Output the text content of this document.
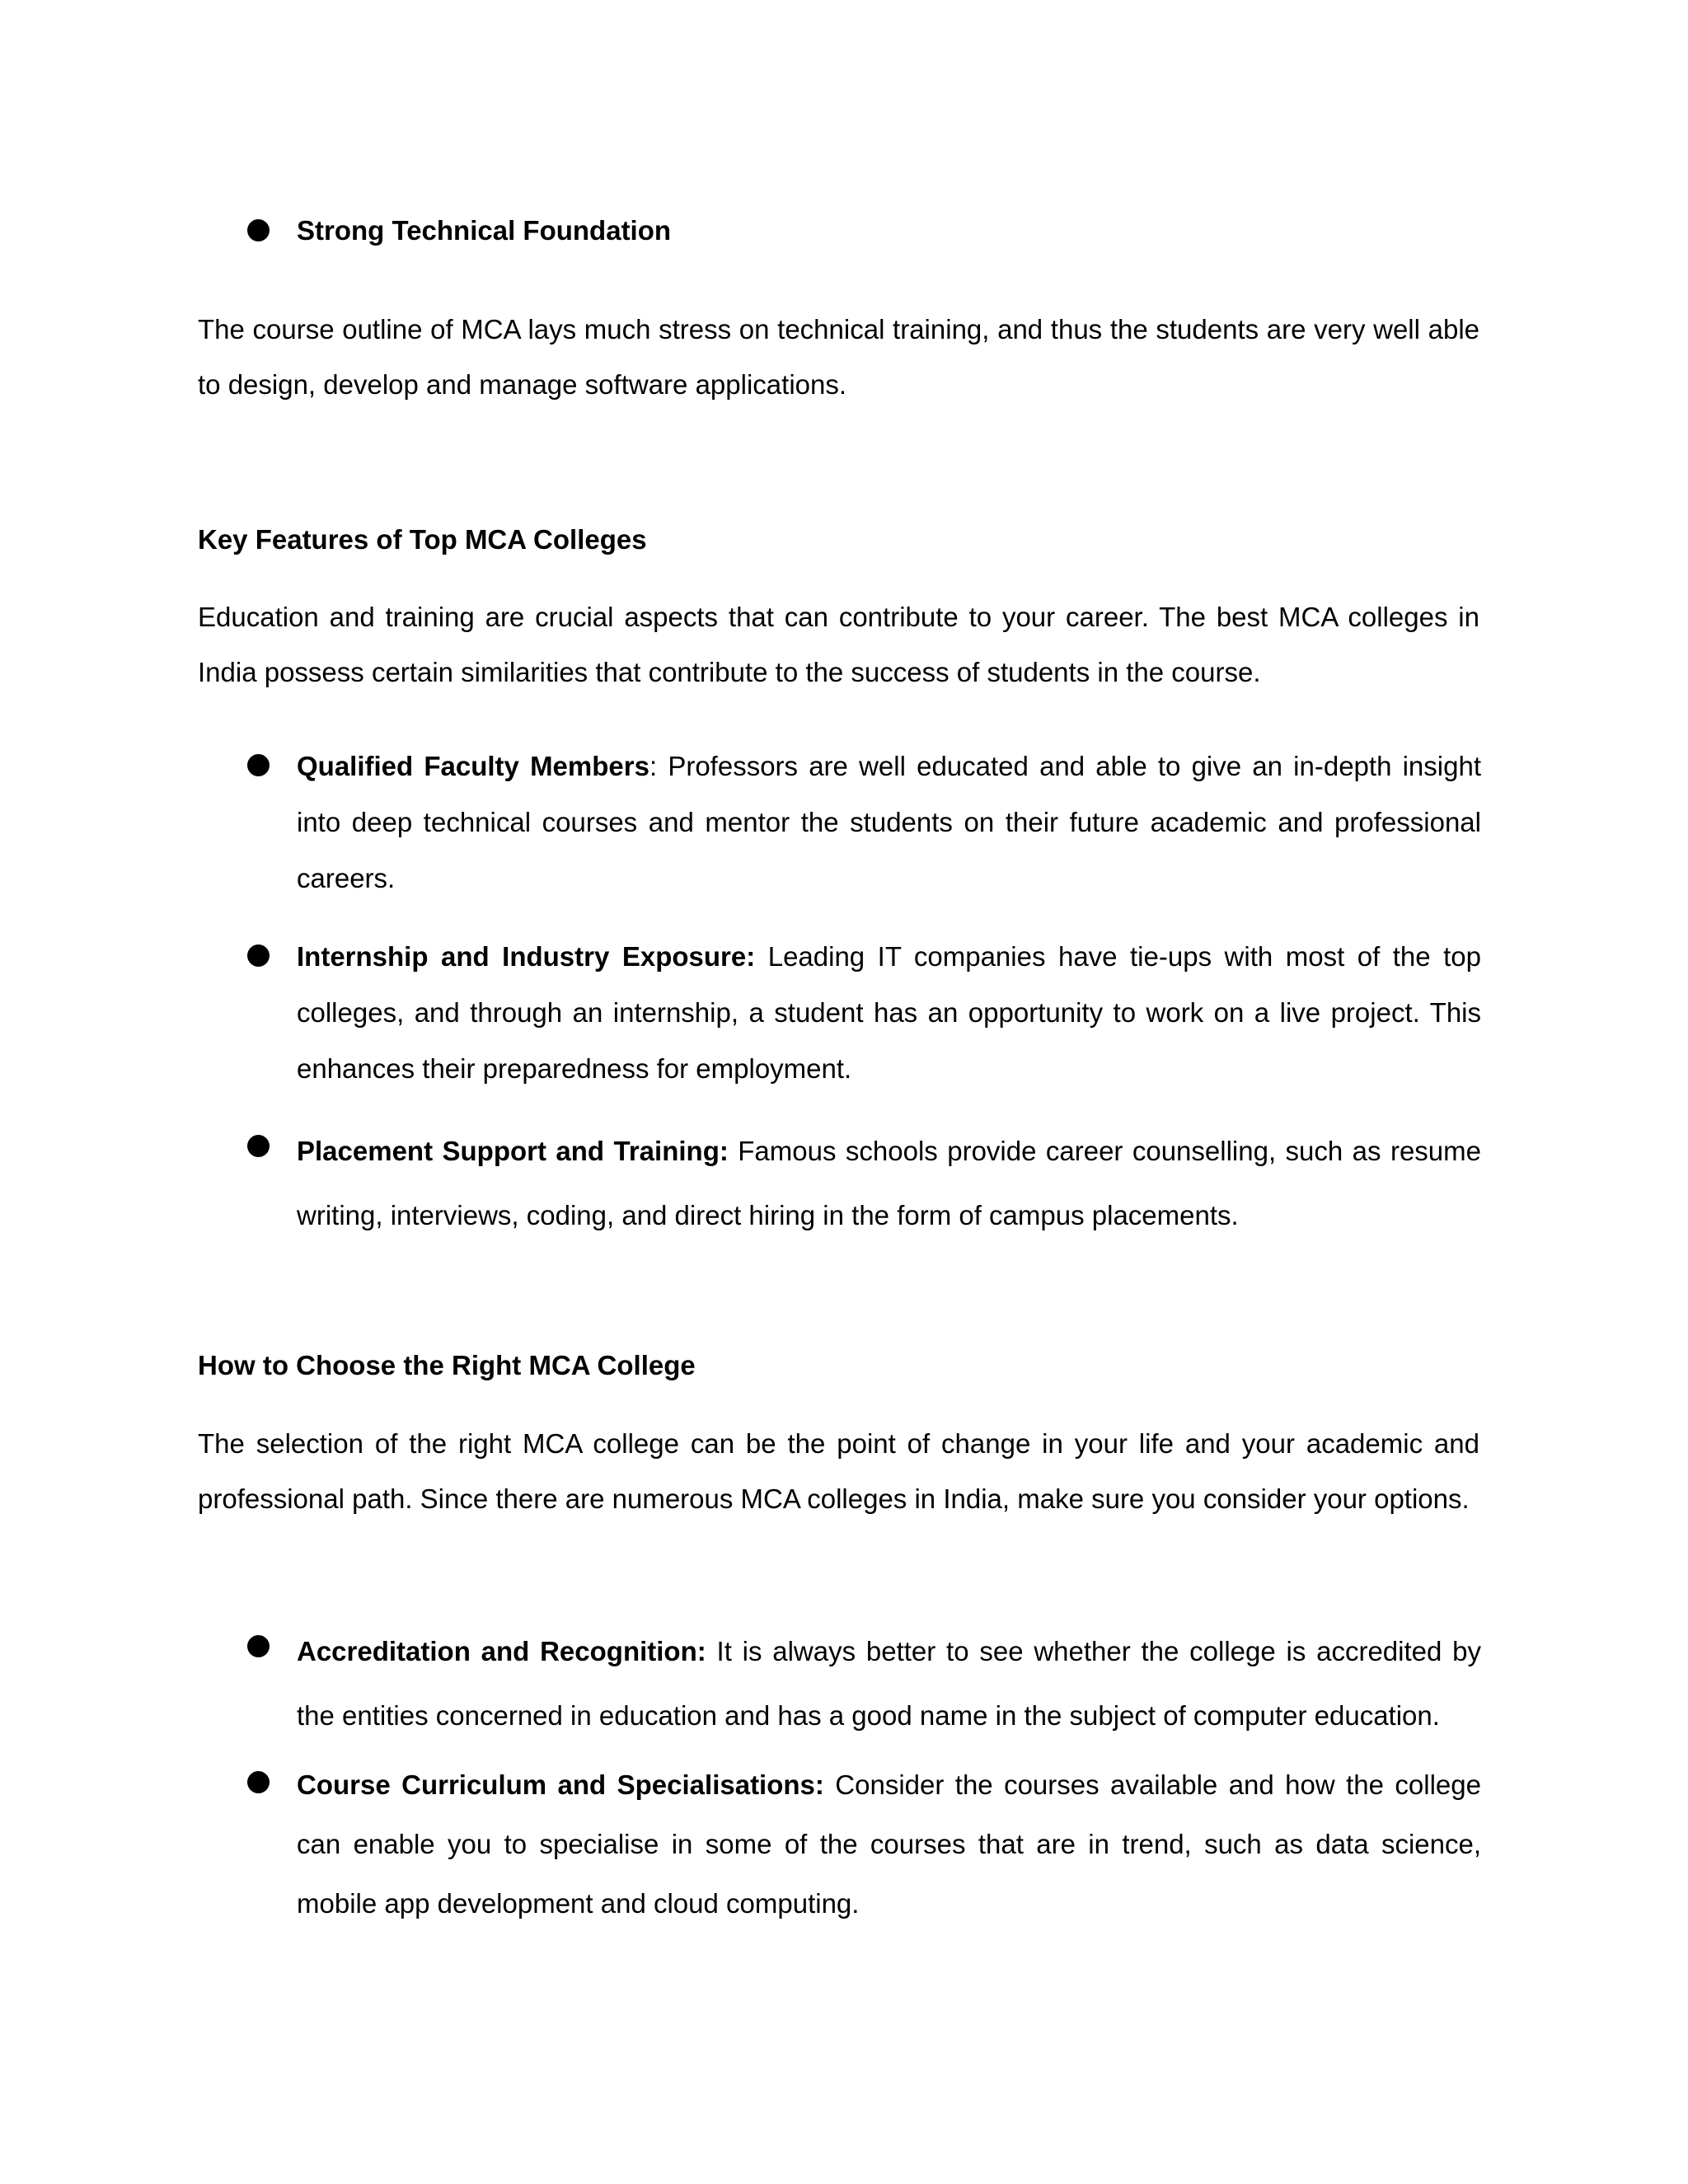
Strong Technical Foundation

The course outline of MCA lays much stress on technical training, and thus the students are very well able to design, develop and manage software applications.

Key Features of Top MCA Colleges

Education and training are crucial aspects that can contribute to your career. The best MCA colleges in India possess certain similarities that contribute to the success of students in the course.

Qualified Faculty Members: Professors are well educated and able to give an in-depth insight into deep technical courses and mentor the students on their future academic and professional careers.
Internship and Industry Exposure: Leading IT companies have tie-ups with most of the top colleges, and through an internship, a student has an opportunity to work on a live project. This enhances their preparedness for employment.
Placement Support and Training: Famous schools provide career counselling, such as resume writing, interviews, coding, and direct hiring in the form of campus placements.
How to Choose the Right MCA College

The selection of the right MCA college can be the point of change in your life and your academic and professional path. Since there are numerous MCA colleges in India, make sure you consider your options.

Accreditation and Recognition: It is always better to see whether the college is accredited by the entities concerned in education and has a good name in the subject of computer education.
Course Curriculum and Specialisations: Consider the courses available and how the college can enable you to specialise in some of the courses that are in trend, such as data science, mobile app development and cloud computing.
